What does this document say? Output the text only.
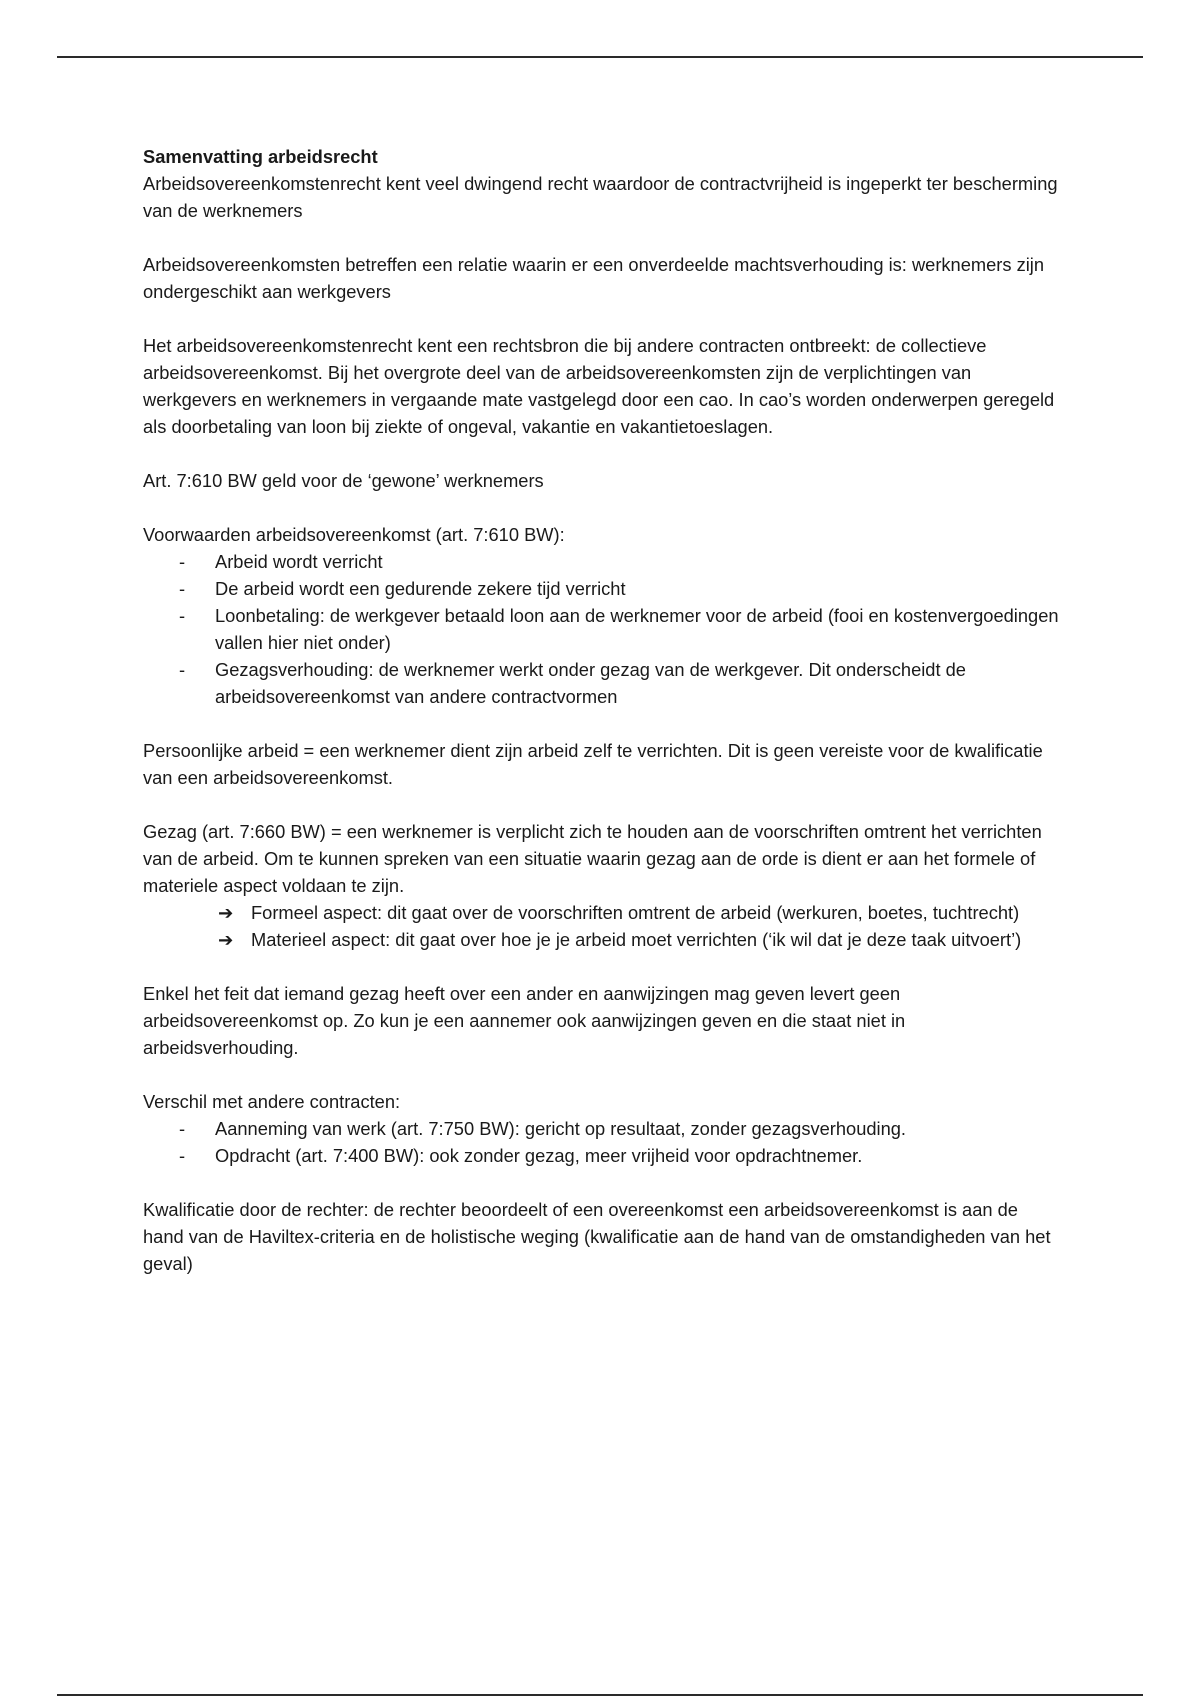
Samenvatting arbeidsrecht

Arbeidsovereenkomstenrecht kent veel dwingend recht waardoor de contractvrijheid is ingeperkt ter bescherming van de werknemers

Arbeidsovereenkomsten betreffen een relatie waarin er een onverdeelde machtsverhouding is: werknemers zijn ondergeschikt aan werkgevers

Het arbeidsovereenkomstenrecht kent een rechtsbron die bij andere contracten ontbreekt: de collectieve arbeidsovereenkomst. Bij het overgrote deel van de arbeidsovereenkomsten zijn de verplichtingen van werkgevers en werknemers in vergaande mate vastgelegd door een cao. In cao’s worden onderwerpen geregeld als doorbetaling van loon bij ziekte of ongeval, vakantie en vakantietoeslagen.

Art. 7:610 BW geld voor de ‘gewone’ werknemers

Voorwaarden arbeidsovereenkomst (art. 7:610 BW):

-	Arbeid wordt verricht
-	De arbeid wordt een gedurende zekere tijd verricht
-	Loonbetaling: de werkgever betaald loon aan de werknemer voor de arbeid (fooi en kostenvergoedingen vallen hier niet onder)
-	Gezagsverhouding: de werknemer werkt onder gezag van de werkgever. Dit onderscheidt de arbeidsovereenkomst van andere contractvormen

Persoonlijke arbeid = een werknemer dient zijn arbeid zelf te verrichten. Dit is geen vereiste voor de kwalificatie van een arbeidsovereenkomst.

Gezag (art. 7:660 BW) = een werknemer is verplicht zich te houden aan de voorschriften omtrent het verrichten van de arbeid. Om te kunnen spreken van een situatie waarin gezag aan de orde is dient er aan het formele of materiele aspect voldaan te zijn.

➔ Formeel aspect: dit gaat over de voorschriften omtrent de arbeid (werkuren, boetes, tuchtrecht)
➔ Materieel aspect: dit gaat over hoe je je arbeid moet verrichten (‘ik wil dat je deze taak uitvoert’)

Enkel het feit dat iemand gezag heeft over een ander en aanwijzingen mag geven levert geen arbeidsovereenkomst op. Zo kun je een aannemer ook aanwijzingen geven en die staat niet in arbeidsverhouding.

Verschil met andere contracten:

-	Aanneming van werk (art. 7:750 BW): gericht op resultaat, zonder gezagsverhouding.
-	Opdracht (art. 7:400 BW): ook zonder gezag, meer vrijheid voor opdrachtnemer.

Kwalificatie door de rechter: de rechter beoordeelt of een overeenkomst een arbeidsovereenkomst is aan de hand van de Haviltex-criteria en de holistische weging (kwalificatie aan de hand van de omstandigheden van het geval)
